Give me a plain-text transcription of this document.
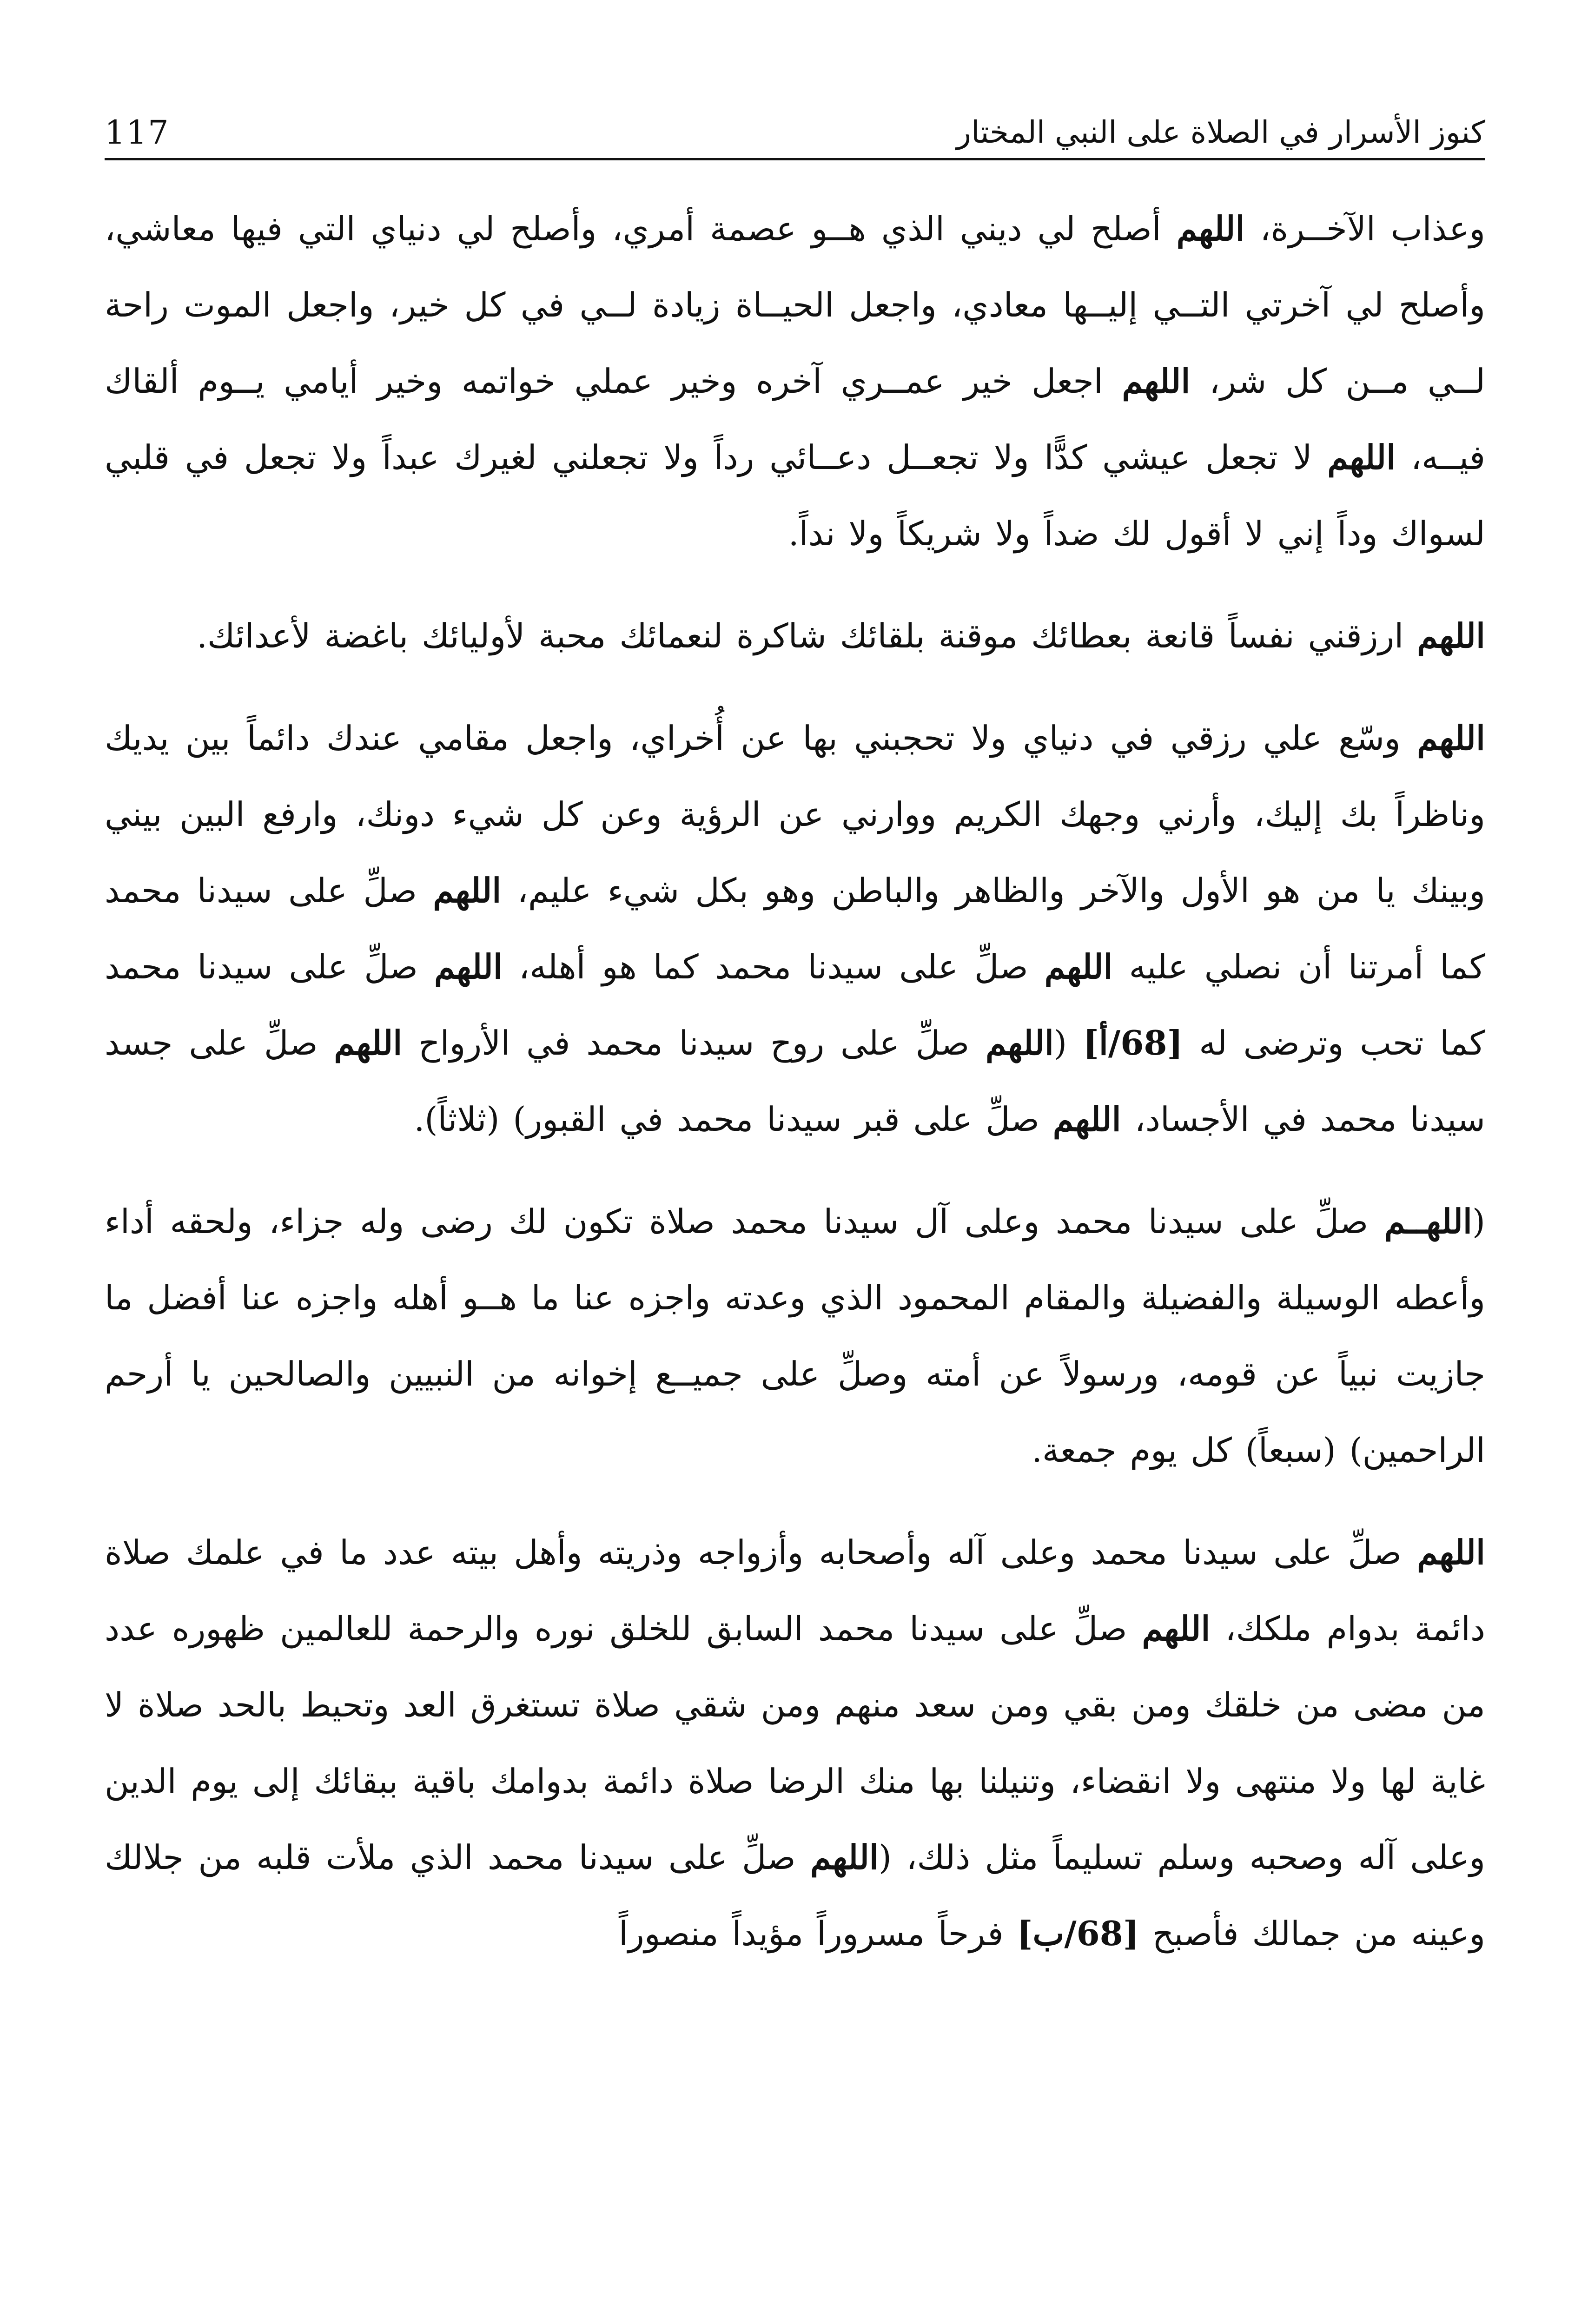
كنوز الأسرار في الصلاة على النبي المختار
117

وعذاب الآخــرة، اللهم أصلح لي ديني الذي هــو عصمة أمري، وأصلح لي دنياي التي فيها معاشي، وأصلح لي آخرتي التــي إليــها معادي، واجعل الحيــاة زيادة لــي في كل خير، واجعل الموت راحة لــي مــن كل شر، اللهم اجعل خير عمــري آخره وخير عملي خواتمه وخير أيامي يــوم ألقاك فيــه، اللهم لا تجعل عيشي كدًّا ولا تجعــل دعــائي رداً ولا تجعلني لغيرك عبداً ولا تجعل في قلبي لسواك وداً إني لا أقول لك ضداً ولا شريكاً ولا نداً.

اللهم ارزقني نفساً قانعة بعطائك موقنة بلقائك شاكرة لنعمائك محبة لأوليائك باغضة لأعدائك.

اللهم وسّع علي رزقي في دنياي ولا تحجبني بها عن أُخراي، واجعل مقامي عندك دائماً بين يديك وناظراً بك إليك، وأرني وجهك الكريم ووارني عن الرؤية وعن كل شيء دونك، وارفع البين بيني وبينك يا من هو الأول والآخر والظاهر والباطن وهو بكل شيء عليم، اللهم صلِّ على سيدنا محمد كما أمرتنا أن نصلي عليه اللهم صلِّ على سيدنا محمد كما هو أهله، اللهم صلِّ على سيدنا محمد كما تحب وترضى له [68/أ] (اللهم صلِّ على روح سيدنا محمد في الأرواح اللهم صلِّ على جسد سيدنا محمد في الأجساد، اللهم صلِّ على قبر سيدنا محمد في القبور) (ثلاثاً).

(اللهــم صلِّ على سيدنا محمد وعلى آل سيدنا محمد صلاة تكون لك رضى وله جزاء، ولحقه أداء وأعطه الوسيلة والفضيلة والمقام المحمود الذي وعدته واجزه عنا ما هــو أهله واجزه عنا أفضل ما جازيت نبياً عن قومه، ورسولاً عن أمته وصلِّ على جميــع إخوانه من النبيين والصالحين يا أرحم الراحمين) (سبعاً) كل يوم جمعة.

اللهم صلِّ على سيدنا محمد وعلى آله وأصحابه وأزواجه وذريته وأهل بيته عدد ما في علمك صلاة دائمة بدوام ملكك، اللهم صلِّ على سيدنا محمد السابق للخلق نوره والرحمة للعالمين ظهوره عدد من مضى من خلقك ومن بقي ومن سعد منهم ومن شقي صلاة تستغرق العد وتحيط بالحد صلاة لا غاية لها ولا منتهى ولا انقضاء، وتنيلنا بها منك الرضا صلاة دائمة بدوامك باقية ببقائك إلى يوم الدين وعلى آله وصحبه وسلم تسليماً مثل ذلك، (اللهم صلِّ على سيدنا محمد الذي ملأت قلبه من جلالك وعينه من جمالك فأصبح [68/ب] فرحاً مسروراً مؤيداً منصوراً
